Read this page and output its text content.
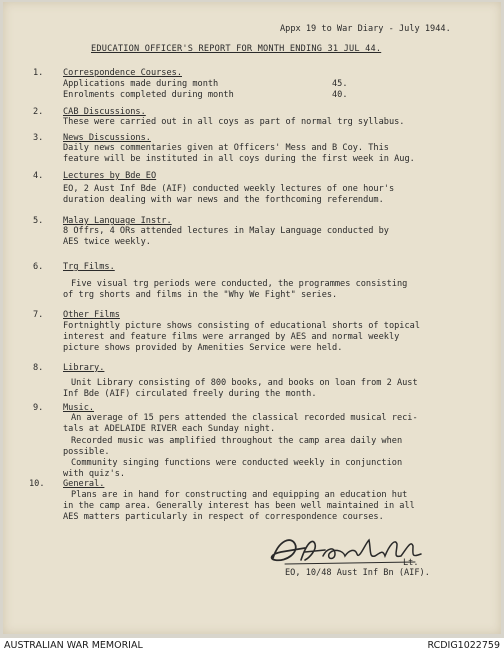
Appx 19 to War Diary - July 1944.
EDUCATION OFFICER'S REPORT FOR MONTH ENDING 31 JUL 44.
1. Correspondence Courses.
Applications made during month	45.
Enrolments completed during month	40.
2. CAB Discussions.
These were carried out in all coys as part of normal trg syllabus.
3. News Discussions.
Daily news commentaries given at Officers' Mess and B Coy. This
feature will be instituted in all coys during the first week in Aug.
4. Lectures by Bde EO
EO, 2 Aust Inf Bde (AIF) conducted weekly lectures of one hour's
duration dealing with war news and the forthcoming referendum.
5. Malay Language Instr.
8 Offrs, 4 ORs attended lectures in Malay Language conducted by
AES twice weekly.
6. Trg Films.
Five visual trg periods were conducted, the programmes consisting
of trg shorts and films in the "Why We Fight" series.
7. Other Films
Fortnightly picture shows consisting of educational shorts of topical
interest and feature films were arranged by AES and normal weekly
picture shows provided by Amenities Service were held.
8. Library.
Unit Library consisting of 800 books, and books on loan from 2 Aust
Inf Bde (AIF) circulated freely during the month.
9. Music.
An average of 15 pers attended the classical recorded musical reci-
tals at ADELAIDE RIVER each Sunday night.
Recorded music was amplified throughout the camp area daily when
possible.
Community singing functions were conducted weekly in conjunction
with quiz's.
10. General.
Plans are in hand for constructing and equipping an education hut
in the camp area. Generally interest has been well maintained in all
AES matters particularly in respect of correspondence courses.
Lt.
EO, 10/48 Aust Inf Bn (AIF).
AUSTRALIAN WAR MEMORIAL	RCDIG1022759
